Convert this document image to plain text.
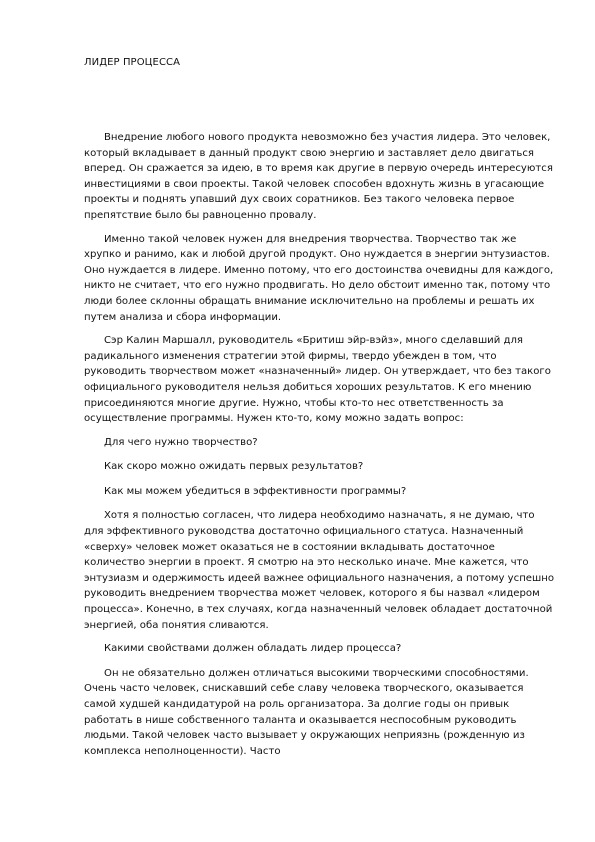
ЛИДЕР ПРОЦЕССА

Внедрение любого нового продукта невозможно без участия лидера. Это человек, который вкладывает в данный продукт свою энергию и заставляет дело двигаться вперед. Он сражается за идею, в то время как другие в первую очередь интересуются инвестициями в свои проекты. Такой человек способен вдохнуть жизнь в угасающие проекты и поднять упавший дух своих соратников. Без такого человека первое препятствие было бы равноценно провалу.

Именно такой человек нужен для внедрения творчества. Творчество так же хрупко и ранимо, как и любой другой продукт. Оно нуждается в энергии энтузиастов. Оно нуждается в лидере. Именно потому, что его достоинства очевидны для каждого, никто не считает, что его нужно продвигать. Но дело обстоит именно так, потому что люди более склонны обращать внимание исключительно на проблемы и решать их путем анализа и сбора информации.

Сэр Калин Маршалл, руководитель «Бритиш эйр-вэйз», много сделавший для радикального изменения стратегии этой фирмы, твердо убежден в том, что руководить творчеством может «назначенный» лидер. Он утверждает, что без такого официального руководителя нельзя добиться хороших результатов. К его мнению присоединяются многие другие. Нужно, чтобы кто-то нес ответственность за осуществление программы. Нужен кто-то, кому можно задать вопрос:

Для чего нужно творчество?

Как скоро можно ожидать первых результатов?

Как мы можем убедиться в эффективности программы?

Хотя я полностью согласен, что лидера необходимо назначать, я не думаю, что для эффективного руководства достаточно официального статуса. Назначенный «сверху» человек может оказаться не в состоянии вкладывать достаточное количество энергии в проект. Я смотрю на это несколько иначе. Мне кажется, что энтузиазм и одержимость идеей важнее официального назначения, а потому успешно руководить внедрением творчества может человек, которого я бы назвал «лидером процесса». Конечно, в тех случаях, когда назначенный человек обладает достаточной энергией, оба понятия сливаются.

Какими свойствами должен обладать лидер процесса?

Он не обязательно должен отличаться высокими творческими способностями. Очень часто человек, снискавший себе славу человека творческого, оказывается самой худшей кандидатурой на роль организатора. За долгие годы он привык работать в нише собственного таланта и оказывается неспособным руководить людьми. Такой человек часто вызывает у окружающих неприязнь (рожденную из комплекса неполноценности). Часто
